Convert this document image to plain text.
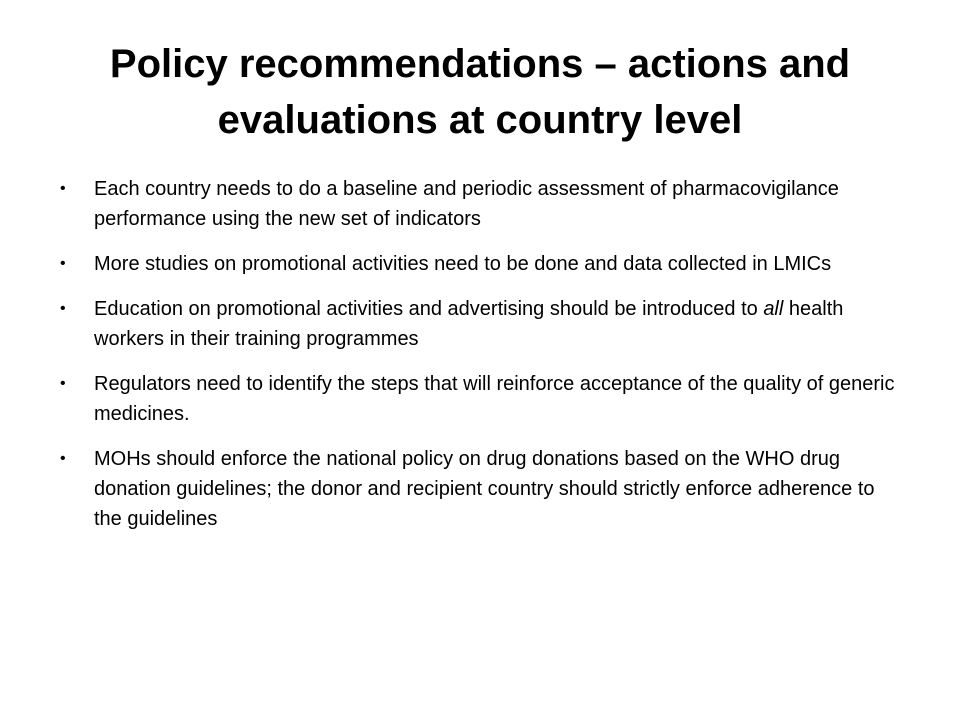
Policy recommendations – actions and evaluations at country level
• Each country needs to do a baseline and periodic assessment of pharmacovigilance performance using the new set of indicators
• More studies on promotional activities need to be done and data collected in LMICs
• Education on promotional activities and advertising should be introduced to all health workers in their training programmes
• Regulators need to identify the steps that will reinforce acceptance of the quality of generic medicines.
• MOHs should enforce the national policy on drug donations based on the WHO drug donation guidelines; the donor and recipient country should strictly enforce adherence to the guidelines
